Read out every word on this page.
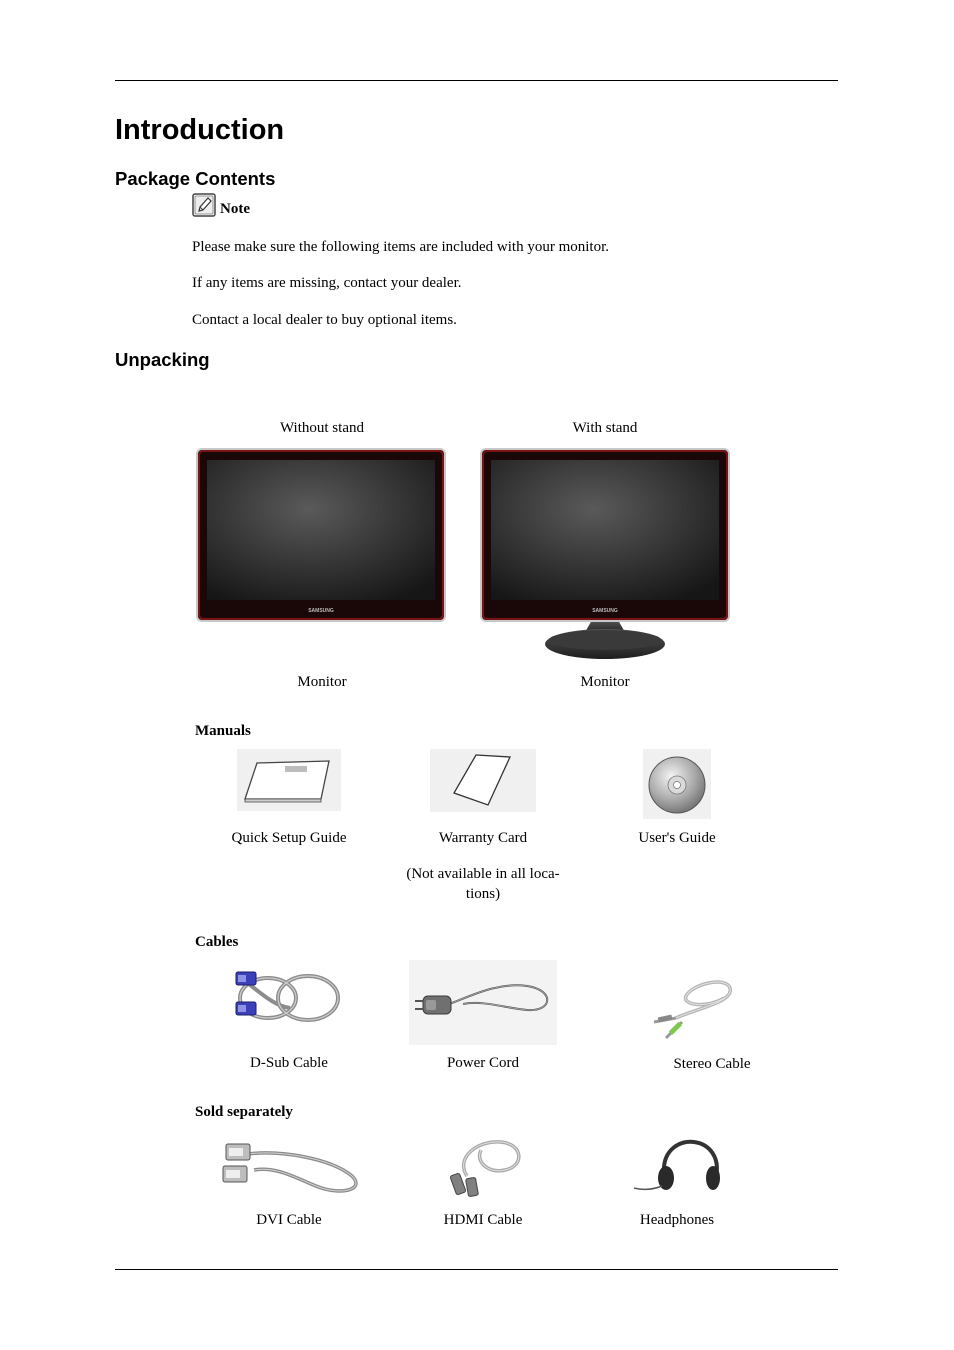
Introduction
Package Contents
Note

Please make sure the following items are included with your monitor.

If any items are missing, contact your dealer.

Contact a local dealer to buy optional items.

Unpacking
Without stand	With stand
SAMSUNG	SAMSUNG
Monitor	Monitor
Manuals
Quick Setup Guide	Warranty Card	User's Guide
(Not available in all loca- tions)
Cables
D-Sub Cable	Power Cord	Stereo Cable
Sold separately
DVI Cable	HDMI Cable	Headphones
